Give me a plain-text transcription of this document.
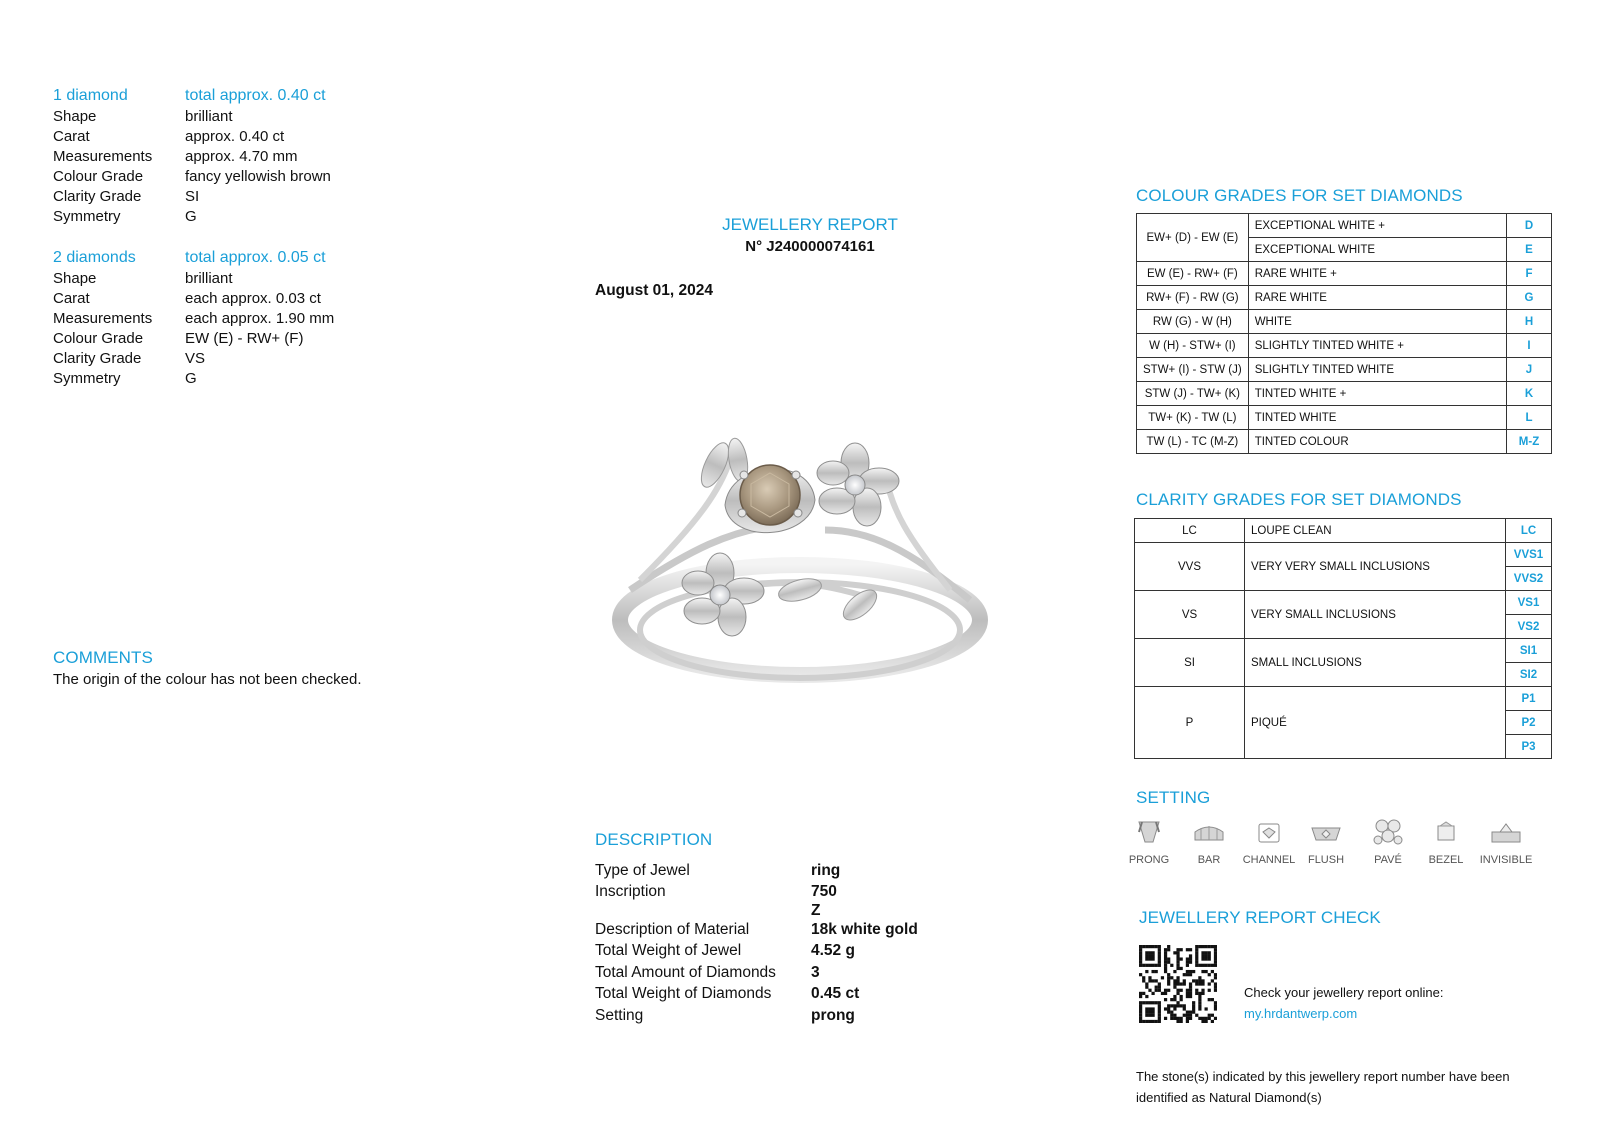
1 diamond	total approx. 0.40 ct
Shape	brilliant
Carat	approx. 0.40 ct
Measurements	approx. 4.70 mm
Colour Grade	fancy yellowish brown
Clarity Grade	SI
Symmetry	G
2 diamonds	total approx. 0.05 ct
Shape	brilliant
Carat	each approx. 0.03 ct
Measurements	each approx. 1.90 mm
Colour Grade	EW (E) - RW+ (F)
Clarity Grade	VS
Symmetry	G
COMMENTS
The origin of the colour has not been checked.
JEWELLERY REPORT
N° J240000074161
August 01, 2024
DESCRIPTION
Type of Jewel	ring
Inscription	750
Z
Description of Material	18k white gold
Total Weight of Jewel	4.52 g
Total Amount of Diamonds	3
Total Weight of Diamonds	0.45 ct
Setting	prong
COLOUR GRADES FOR SET DIAMONDS
EW+ (D) - EW (E)	EXCEPTIONAL WHITE +	D
	EXCEPTIONAL WHITE	E
EW (E) - RW+ (F)	RARE WHITE +	F
RW+ (F) - RW (G)	RARE WHITE	G
RW (G) - W (H)	WHITE	H
W (H) - STW+ (I)	SLIGHTLY TINTED WHITE +	I
STW+ (I) - STW (J)	SLIGHTLY TINTED WHITE	J
STW (J) - TW+ (K)	TINTED WHITE +	K
TW+ (K) - TW (L)	TINTED WHITE	L
TW (L) - TC (M-Z)	TINTED COLOUR	M-Z
CLARITY GRADES FOR SET DIAMONDS
LC	LOUPE CLEAN	LC
VVS	VERY VERY SMALL INCLUSIONS	VVS1
		VVS2
VS	VERY SMALL INCLUSIONS	VS1
		VS2
SI	SMALL INCLUSIONS	SI1
		SI2
P	PIQUÉ	P1
		P2
		P3
SETTING
PRONG	BAR	CHANNEL	FLUSH	PAVÉ	BEZEL	INVISIBLE
JEWELLERY REPORT CHECK
Check your jewellery report online:
my.hrdantwerp.com
The stone(s) indicated by this jewellery report number have been
identified as Natural Diamond(s)
